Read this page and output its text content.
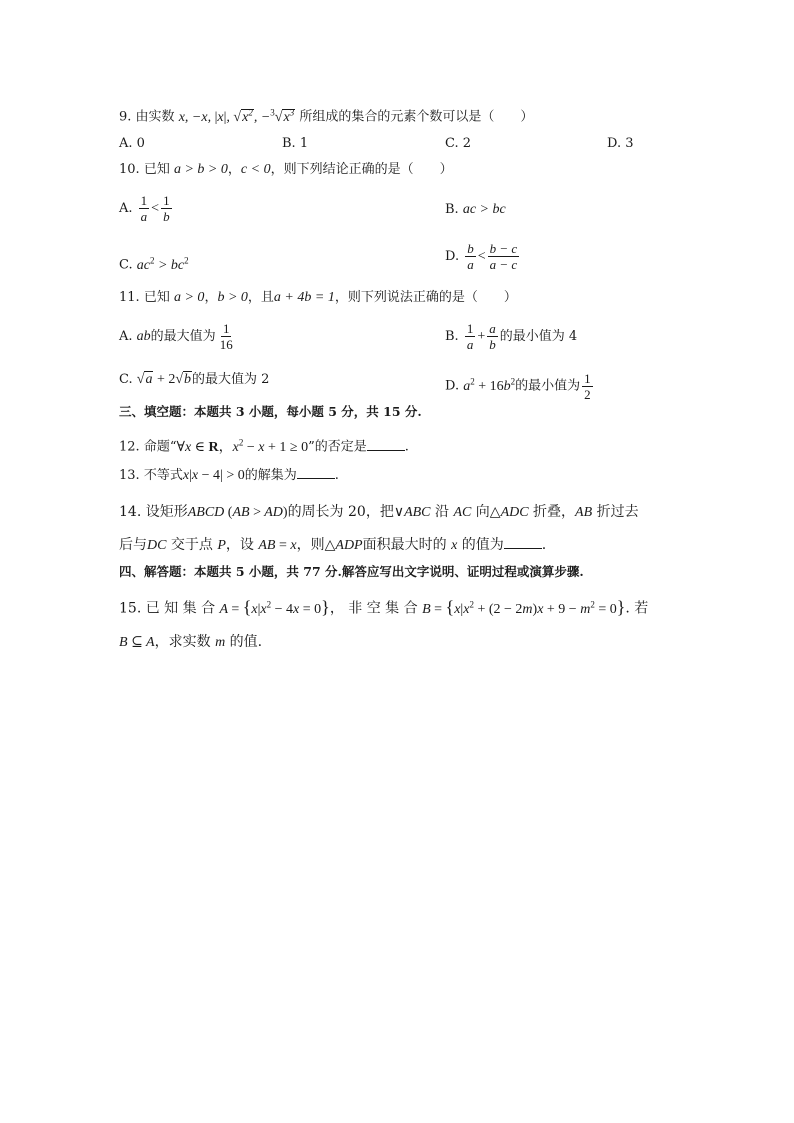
9. 由实数 x, −x, |x|, $√x^2$, $-^3√x^3$ 所组成的集合的元素个数可以是（　　）
A. 0	B. 1	C. 2	D. 3
10. 已知 a > b > 0，c < 0，则下列结论正确的是（　　）
A. $\frac{1}{a} < \frac{1}{b}$	B. ac > bc
C. $ac^2 > bc^2$	D. $\frac{b}{a} < \frac{b - c}{a - c}$
11. 已知 a > 0，b > 0，且a + 4b = 1，则下列说法正确的是（　　）
A. ab的最大值为 $\frac{1}{16}$	B. $\frac{1}{a} + \frac{a}{b}$ 的最小值为 4
C. √a + 2√b的最大值为 2	D. $a^2 + 16b^2$的最小值为 $\frac{1}{2}$
三、填空题：本题共 3 小题，每小题 5 分，共 15 分.
12. 命题“∀x ∈ R，$x^2 - x + 1 \ge 0$”的否定是	.
13. 不等式x|x − 4| > 0的解集为	.
14. 设矩形ABCD (AB > AD)的周长为 20，把∨ABC 沿 AC 向△ADC 折叠，AB 折过去
后与DC 交于点 P，设 AB = x，则△ADP面积最大时的 x 的值为	.
四、解答题：本题共 5 小题，共 77 分.解答应写出文字说明、证明过程或演算步骤.
15. 已 知 集 合 $A = \{x|x^2 - 4x = 0\}$， 非 空 集 合 $B = \{x|x^2 + (2 - 2m)x + 9 - m^2 = 0\}$. 若
B ⊆ A，求实数 m 的值.
